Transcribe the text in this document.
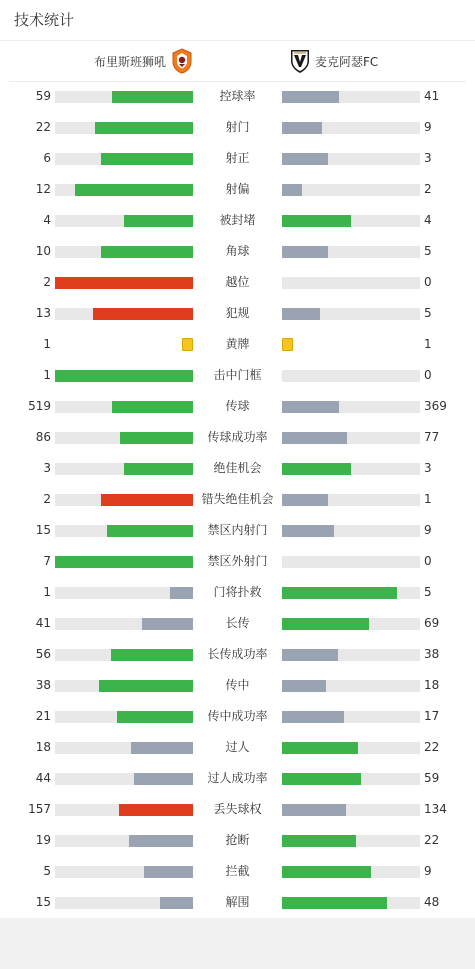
技术统计
布里斯班狮吼	麦克阿瑟FC
59	控球率	41
22	射门	9
6	射正	3
12	射偏	2
4	被封堵	4
10	角球	5
2	越位	0
13	犯规	5
1	黄牌	1
1	击中门框	0
519	传球	369
86	传球成功率	77
3	绝佳机会	3
2	错失绝佳机会	1
15	禁区内射门	9
7	禁区外射门	0
1	门将扑救	5
41	长传	69
56	长传成功率	38
38	传中	18
21	传中成功率	17
18	过人	22
44	过人成功率	59
157	丢失球权	134
19	抢断	22
5	拦截	9
15	解围	48
